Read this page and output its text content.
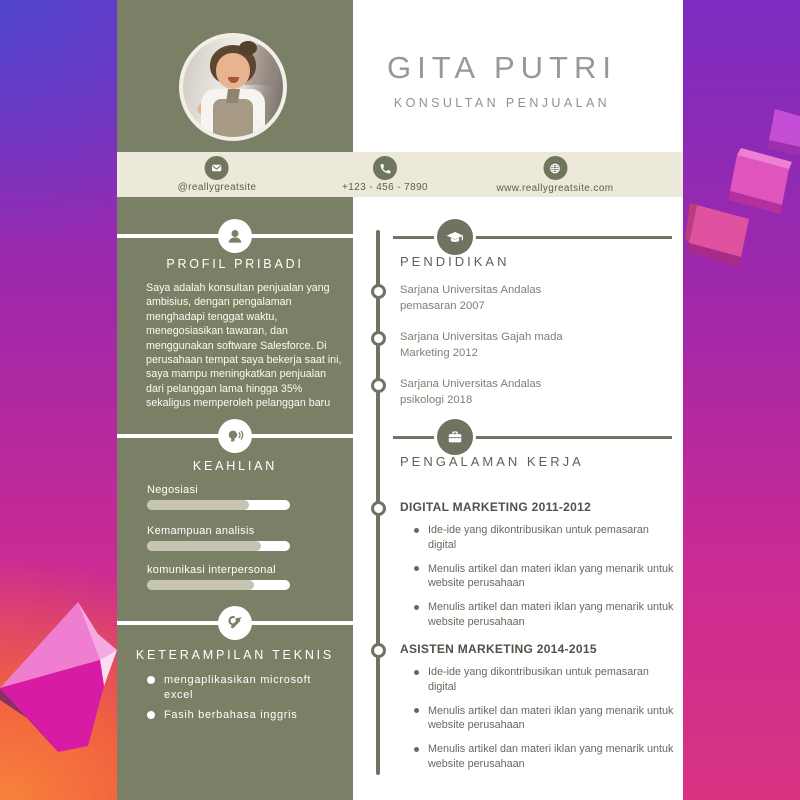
GITA PUTRI
KONSULTAN PENJUALAN
@reallygreatsite	+123 - 456 - 7890	www.reallygreatsite.com
PROFIL PRIBADI
Saya adalah konsultan penjualan yang ambisius, dengan pengalaman menghadapi tenggat waktu, menegosiasikan tawaran, dan menggunakan software Salesforce. Di perusahaan tempat saya bekerja saat ini, saya mampu meningkatkan penjualan dari pelanggan lama hingga 35% sekaligus memperoleh pelanggan baru
KEAHLIAN
Negosiasi
Kemampuan analisis
komunikasi interpersonal
KETERAMPILAN TEKNIS
mengaplikasikan microsoft excel
Fasih berbahasa inggris
PENDIDIKAN
Sarjana Universitas Andalas
pemasaran 2007
Sarjana Universitas Gajah mada
Marketing 2012
Sarjana Universitas Andalas
psikologi 2018
PENGALAMAN KERJA
DIGITAL MARKETING 2011-2012
Ide-ide yang dikontribusikan untuk pemasaran digital
Menulis artikel dan materi iklan yang menarik untuk website perusahaan
Menulis artikel dan materi iklan yang menarik untuk website perusahaan
ASISTEN MARKETING 2014-2015
Ide-ide yang dikontribusikan untuk pemasaran digital
Menulis artikel dan materi iklan yang menarik untuk website perusahaan
Menulis artikel dan materi iklan yang menarik untuk website perusahaan
